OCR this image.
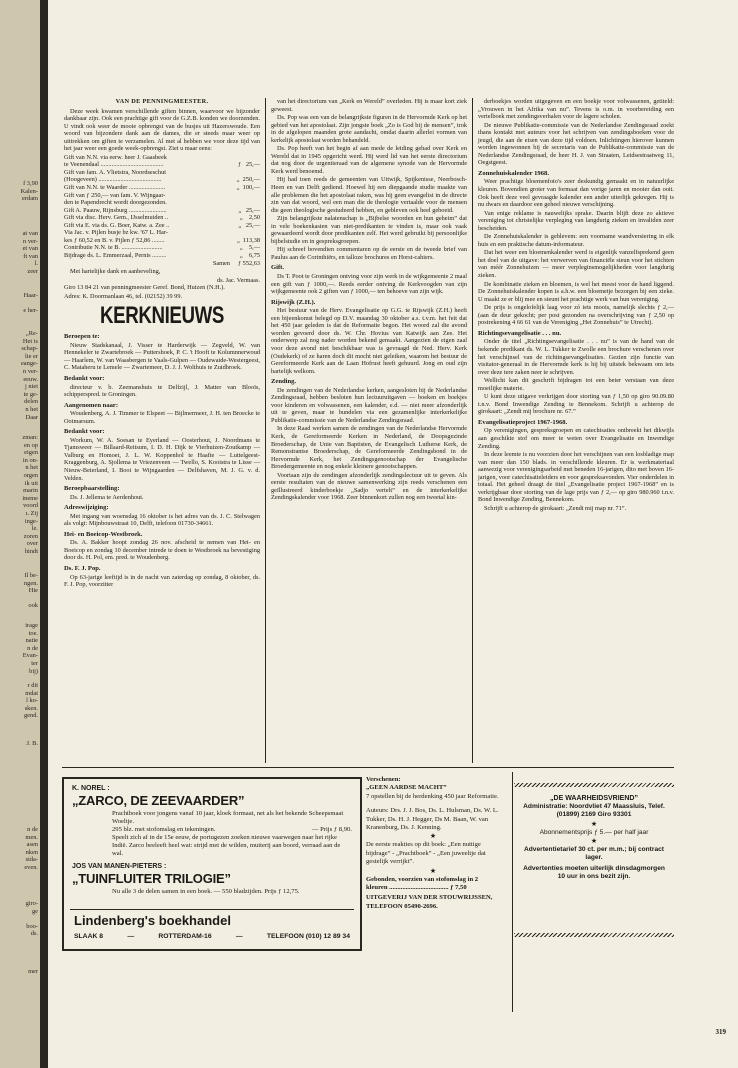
f 3,90
Kalen-
erdam
at van
n ver-
et van
ft van
l.
zeer
Haar-

e her-
„Re-
Het is
schap-
lie er
eange-
n ver-
eeuw.
j niet
te ge-
delen
n het
Daar
zman:
en op
eigen
in on-
n het
orgen
ik uit
marin
ineme
voord
ı. Zij
inge-
le.
zoren
over
hindt
Il be-
ngen.
Hie

ook
irage
toe.
natie
n de
Evan-
ter
bij)
r dit
mdat
l ko-
sken.
gend.
J. B.
n de
men.
asen
nken
sida-
even.
giro-
ge

boo-
ds.
mer
VAN DE PENNINGMEESTER.

Deze week kwamen verschillende giften binnen, waarvoor we bijzonder dankbaar zijn. Ook een prachtige gift voor de G.Z.B. konden we doorzenden. U vindt ook weer de mooie opbrengst van de busjes uit Hazerswoude. Een woord van bijzondere dank aan de dames, die er steeds maar weer op uittrekken om giften te verzamelen. Al met al hebben we voor deze tijd van het jaar weer een goede week-opbrengst. Ziet u maar eens:

Gift van N.N. via eerw. heer J. Gaasbeek

te Veenendaal ........................................	ƒ   25,—
Gift van fam. A. Vlietstra, Noordseschut

(Hoogeveen) ........................................	„  250,—
Gift van N.N. te Waarder .......................	„  100,—
Gift van ƒ 250,— van fam. V. Wijngaar-

den te Papendrecht wordt doorgezonden.

Gift A. Paauw, Rijnsburg ........................	„   25,—
Gift via disc. Herv. Gem., IJsselmuiden ..	„    2,50
Gift via E. via ds. G. Boer, Katw. a. Zee ..	„   25,—
Via Jac. v. Pijlen busje bz kw. '67 L. Har-

kes ƒ 60,52 en B. v. Pijlen ƒ 52,86 ........	„  113,38
Contributie N.N. te B. ..........................	„    5,—
Bijdrage ds. L. Emmerzaal, Pernis .........	„    6,75
Samen	ƒ 552,63

Met hartelijke dank en aanbeveling,

ds. Jac. Vermaas.

Giro 13 84 21 van penningmeester Geref. Bond, Huizen (N.H.).

Adres: K. Doormanlaan 46, tel. (02152) 39 99.

KERKNIEUWS
Beroepen te:

Nieuw Stadskanaal, J. Visser te Harderwijk — Zegveld, W. van Hennekeler te Zwartebroek — Puttershoek, P. C. 't Hooft te Kolumnnerwoud — Haarlem, W. van Waasbergen te Vaals-Gulpen — Oudewaide-Westergeest, C. Mataheru te Lemele — Zwartemeer, D. J. J. Wolthuis te Zuidbroek.

Bedankt voor:

directeur v. b. Zeemanshuis te Delfzijl, J. Matter van Blooïs, schipperspred. te Groningen.

Aangenomen naar:

Woudenberg, A. J. Timmer te Elspeet — Bijlmermeer, J. H. ten Broecke te Ootmarsum.

Bedankt voor:

Workum, W. A. Soesan te Eyerland — Oosterhout, J. Noordmans te Tjamsweer — Billaard-Reitsum, I. D. H. Dijk te Vierhuizen-Zoutkamp — Valburg en Homoet, J. L. W. Koppenhol te Haafte — Luttelgeest-Kraggenburg, A. Sjollema te Vriezenveen — Twello, S. Kooistra te Lisse — Nieuw-Beierland, I. Booi te Wijngaarden — Delfshaven, M. J. G. v. d. Velden.

Beroepbaarstelling:

Ds. J. Jellema te Aerdenhout.

Adreswijziging:

Met ingang van woensdag 16 oktober is het adres van ds. J. C. Stelwagen als volgt: Mijnbouwstraat 10, Delft, telefoon 01730-34661.

Hei- en Boeicop-Westbroek.

Ds. A. Bakker hoopt zondag 26 nov. afscheid te nemen van Hei- en Boeicop en zondag 10 december intrede te doen te Westbroek na bevestiging door ds. H. Pol, em. pred. te Woudenberg.

Ds. F. J. Pop.

Op 63-jarige leeftijd is in de nacht van zaterdag op zondag, 8 oktober, ds. F. J. Pop, voorzitter

van het directorium van „Kerk en Wereld” overleden. Hij is maar kort ziek geweest.

Ds. Pop was een van de belangrijkste figuren in de Hervormde Kerk op het gebied van het apostolaat. Zijn jongste boek „Zo is God bij de mensen”, trok in de afgelopen maanden grote aandacht, omdat daarin allerlei vormen van kerkelijk apostolaat worden behandeld.

Ds. Pop heeft van het begin af aan mede de leiding gehad over Kerk en Wereld dat in 1945 opgericht werd. Hij werd lid van het eerste directorium dat nog door de urgentieraad van de algemene synode van de Hervormde Kerk werd benoemd.

Hij had toen reeds de gemeenten van Uitwijk, Spijkenisse, Neerbosch-Heen en van Delft gediend. Hoewel hij een diepgaande studie maakte van alle problemen die het apostolaat raken, was hij geen evangelist in de directe zin van dat woord, wel een man die de theologie vertaalde voor de mensen die geen theologische gestudeerd hebben, en gebleven ook heel geboeid.

Zijn belangrijkste nalatenschap is „Bijbelse woorden en hun geheim” dat in vele boekenkasten van niet-predikanten te vinden is, maar ook vaak gewaardeerd wordt door predikanten zelf. Het werd gebruikt bij persoonlijke bijbelstudie en in gespreksgroepen.

Hij schreef bovendien commentaren op de eerste en de tweede brief van Paulus aan de Corinthiërs, en talloze brochures en Horst-cahiers.

Gift.

Ds T. Poot te Groningen ontving voor zijn werk in de wijkgemeente 2 maal een gift van ƒ 1000,—. Reeds eerder ontving de Kerkvoogden van zijn wijkgemeente ook 2 giften van ƒ 1000,— ten behoeve van zijn wijk.

Rijswijk (Z.H.).

Het bestuur van de Herv. Evangelisatie op G.G. te Rijswijk (Z.H.) heeft een bijeenkomst belegd op D.V. maandag 30 oktober a.s. t.v.m. het feit dat het 450 jaar geleden is dat de Reformatie begon. Het woord zal die avond worden gevoerd door ds. W. Chr. Hovius van Katwijk aan Zee. Het onderwerp zal nog nader worden bekend gemaakt. Aangezien de eigen zaal voor deze avond niet beschikbaar was is gevraagd de Ned. Herv. Kerk (Oudekerk) of ze haren doch dit mocht niet geleiken, waarom het bestuur de Gereformeerde Kerk aan de Laan Hofrust heeft gehuurd. Jong en oud zijn hartelijk welkom.

Zending.

De zendingen van de Nederlandse kerken, aangesloten bij de Nederlandse Zendingsraad, hebben besloten hun lectuuruitgaven — boeken en boekjes voor kinderen en volwassenen, een kalender, e.d. — niet meer afzonderlijk uit te geven, maar te bundelen via een gezamenlijke interkerkelijke Publikatie-commissie van de Nederlandse Zendingsraad.

In deze Raad werken samen de zendingen van de Nederlandse Hervormde Kerk, de Gereformeerde Kerken in Nederland, de Doopsgezinde Broederschap, de Unie van Baptisten, de Evangelisch Lutherse Kerk, de Remonstrantse Broederschap, de Gereformeerde Zendingsbond in de Hervormde Kerk, het Zendingsgenootschap der Evangelische Broedergemeente en nog enkele kleinere genootschappen.

Voortaan zijn de zendingen afzonderlijk zendingslectuur uit te geven. Als eerste resultaten van de nieuwe samenwerking zijn reeds verschenen een geïllustreerd kinderboekje „Sadjo vertelt” en de interkerkelijke Zendingskalender voor 1968. Zeer binnenkort zullen nog een tweetal kin-

derboekjes worden uitgegeven en een boekje voor volwassenen, getiteld: „Vrouwen in het Afrika van nu”. Tevens is o.m. in voorbereiding een vertelboek met zendingsverhalen voor de lagere scholen.

De nieuwe Publikatie-commissie van de Nederlandse Zendingsraad zoekt thans kontakt met auteurs voor het schrijven van zendingsboeken voor de jeugd, die aan de eisen van deze tijd voldoen. Inlichtingen hierover kunnen worden ingewonnen bij de secretaris van de Publikatie-commissie van de Nederlandse Zendingsraad, de heer H. J. van Straaten, Leidsestraatweg 11, Oegstgeest.

Zonnehuiskalender 1968.

Weer prachtige bloemenfoto's zeer deskundig gemaakt en in natuurlijke kleuren. Bovendien groter van formaat dan vorige jaren en mooier dan ooit. Ook heeft deze veel gevraagde kalender een ander uiterlijk gekregen. Hij is nu dwars en daardoor een geheel nieuwe verschijning.

Van enige reklame is nauwelijks sprake. Daarin blijft deze zo aktieve vereniging tot christelijke verpleging van langdurig zieken en invaliden zeer bescheiden.

De Zonnehuiskalender is geblevem: een voorname wandversiering in elk huis en een praktische datum-informateur.

Dat het weer een bloemenkalender werd is eigenlijk vanzelfsprekend geen het doel van de uitgave: het verwerven van financiële steun voor het stichten van méér Zonnehuizen — meer verpleginsmogelijkheden voor langdurig zieken.

De kombinatie zieken en bloemen, is wel het meest voor de hand liggend. De Zonnehuiskalender kopen is a.h.w. een bloemetje bezorgen bij een zieke. U maakt ze er blij mee en steunt het prachtige werk van hun vereniging.

De prijs is ongelofelijk laag voor zó iets moois, namelijk slechts ƒ 2,— (aan de deur gekocht; per post gezonden na overschrijving van ƒ 2,50 op postrekening 4 66 61 van de Vereniging „Het Zonnehuis” te Utrecht).

Richtingsevangelisatie . . . nu.

Onder de titel „Richtingsevangelisatie . . . nu” is van de hand van de bekende predikant ds. W. L. Tukker te Zwolle een brochure verschenen over het verschijnsel van de richtingsevangelisaties. Gezien zijn functie van visitator-generaal in de Hervormde kerk is hij bij uitstek bekwaam om iets over deze tere zaken neer te schrijven.

Wellicht kan dit geschrift bijdragen tot een beter verstaan van deze moeilijke materie.

U kunt deze uitgave verkrijgen door storting van ƒ 1,50 op giro 90.09.80 t.n.v. Bond Inwendige Zending te Bennekom. Schrijft u achterop de girokaart: „Zendt mij brochure nr. 67.”

Evangelisatieproject 1967-1968.

Op verenigingen, gespreksgroepen en catechisaties ontbreekt het dikwijls aan geschikte stof om meer te weten over Evangelisatie en Inwendige Zending.

In deze leemte is nu voorzien door het verschijnen van een losbladige map van meer dan 150 blads. in verschillende kleuren. Er is werkmateriaal aanwezig voor verenigingsarbeid met beneden 16-jarigen, dito met boven 16-jarigen, voor catechisatieleiders en voor gespreksavonden. Vier onderdelen in totaal. Het geheel draagt de titel „Evangelisatie project 1967-1968” en is verkrijgbaar door storting van de lage prijs van ƒ 2,— op giro 980.960 t.n.v. Bond Inwendige Zending, Bennekom.

Schrijft u achterop de girokaart: „Zendt mij map nr. 71”.

K. NOREL :
„ZARCO, DE ZEEVAARDER”
Prachtboek voor jongens vanaf 10 jaar, kloek formaat, net als het bekende Scheepsmaat Woeltje.
295 blz. met stofomslag en tekeningen.	— Prijs ƒ 8,90.
Speelt zich af in de 15e eeuw, de portugezen zoeken nieuwe vaarwegen naar het rijke Indië. Zarco beeleeft heel wat: strijd met de wilden, muiterij aan boord, verraad aan de wal.
JOS VAN MANEN-PIETERS :
„TUINFLUITER TRILOGIE”
Nu alle 3 de delen samen in een boek. — 550 bladzijden. Prijs ƒ 12,75.
Lindenberg's boekhandel
SLAAK 8	—	ROTTERDAM-16	—	TELEFOON (010) 12 89 34
Verschenen:
„GEEN AARDSE MACHT”
7 opstellen bij de herdenking 450 jaar Reformatie.
Auteurs: Drs. J. J. Bos, Ds. L. Hulsman, Ds. W. L. Tukker, Ds. H. J. Hegger, Ds M. Baan, W. van Kranenburg, Ds. J. Kenning.
★
De eerste reakties op dit boek: „Een nuttige bijdrage” - „Prachtboek” - „Een juweeltje dat gestelijk verrijkt”.
★
Gebonden, voorzien van stofomslag in 2 kleuren .................................... ƒ 7,50
UITGEVERIJ VAN DER STOUWRIJSSEN, TELEFOON 05490-2696.
„DE WAARHEIDSVRIEND”
Administratie: Noordvliet 47 Maassluis, Telef. (01899) 2169 Giro 93301
★
Abonnementsprijs ƒ 5.— per half jaar
★
Advertentietarief 30 ct. per m.m.; bij contract lager.
Advertenties moeten uiterlijk dinsdagmorgen 10 uur in ons bezit zijn.
319
